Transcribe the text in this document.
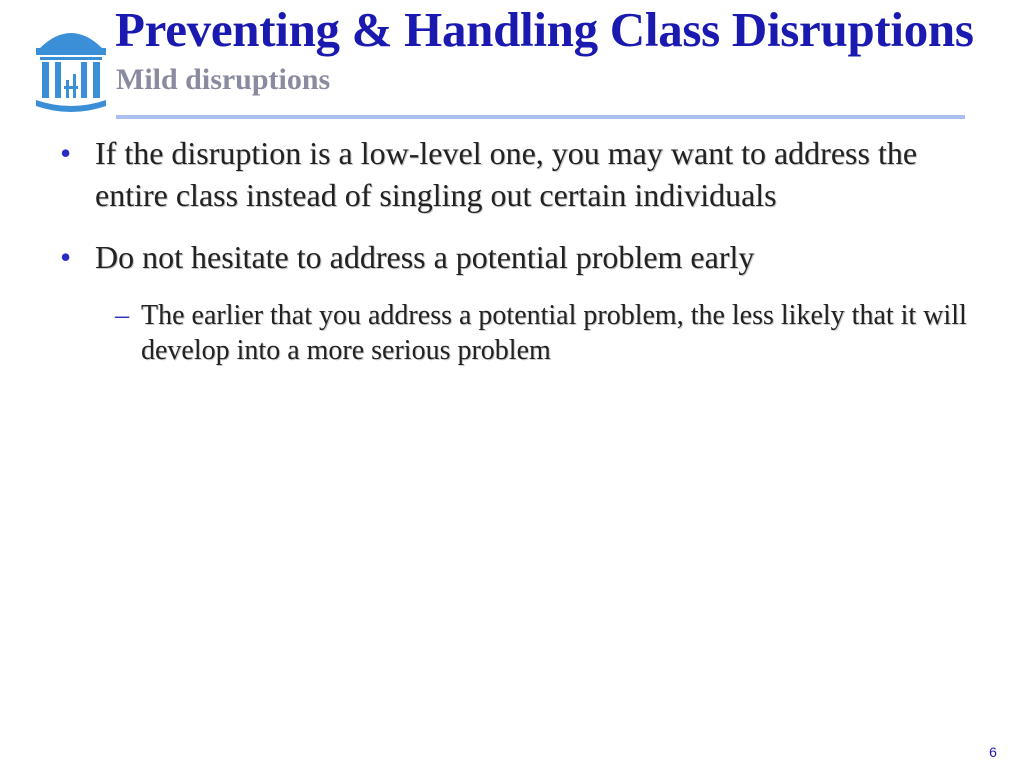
Preventing & Handling Class Disruptions
Mild disruptions
• If the disruption is a low-level one, you may want to address the entire class instead of singling out certain individuals
• Do not hesitate to address a potential problem early
– The earlier that you address a potential problem, the less likely that it will develop into a more serious problem
6
